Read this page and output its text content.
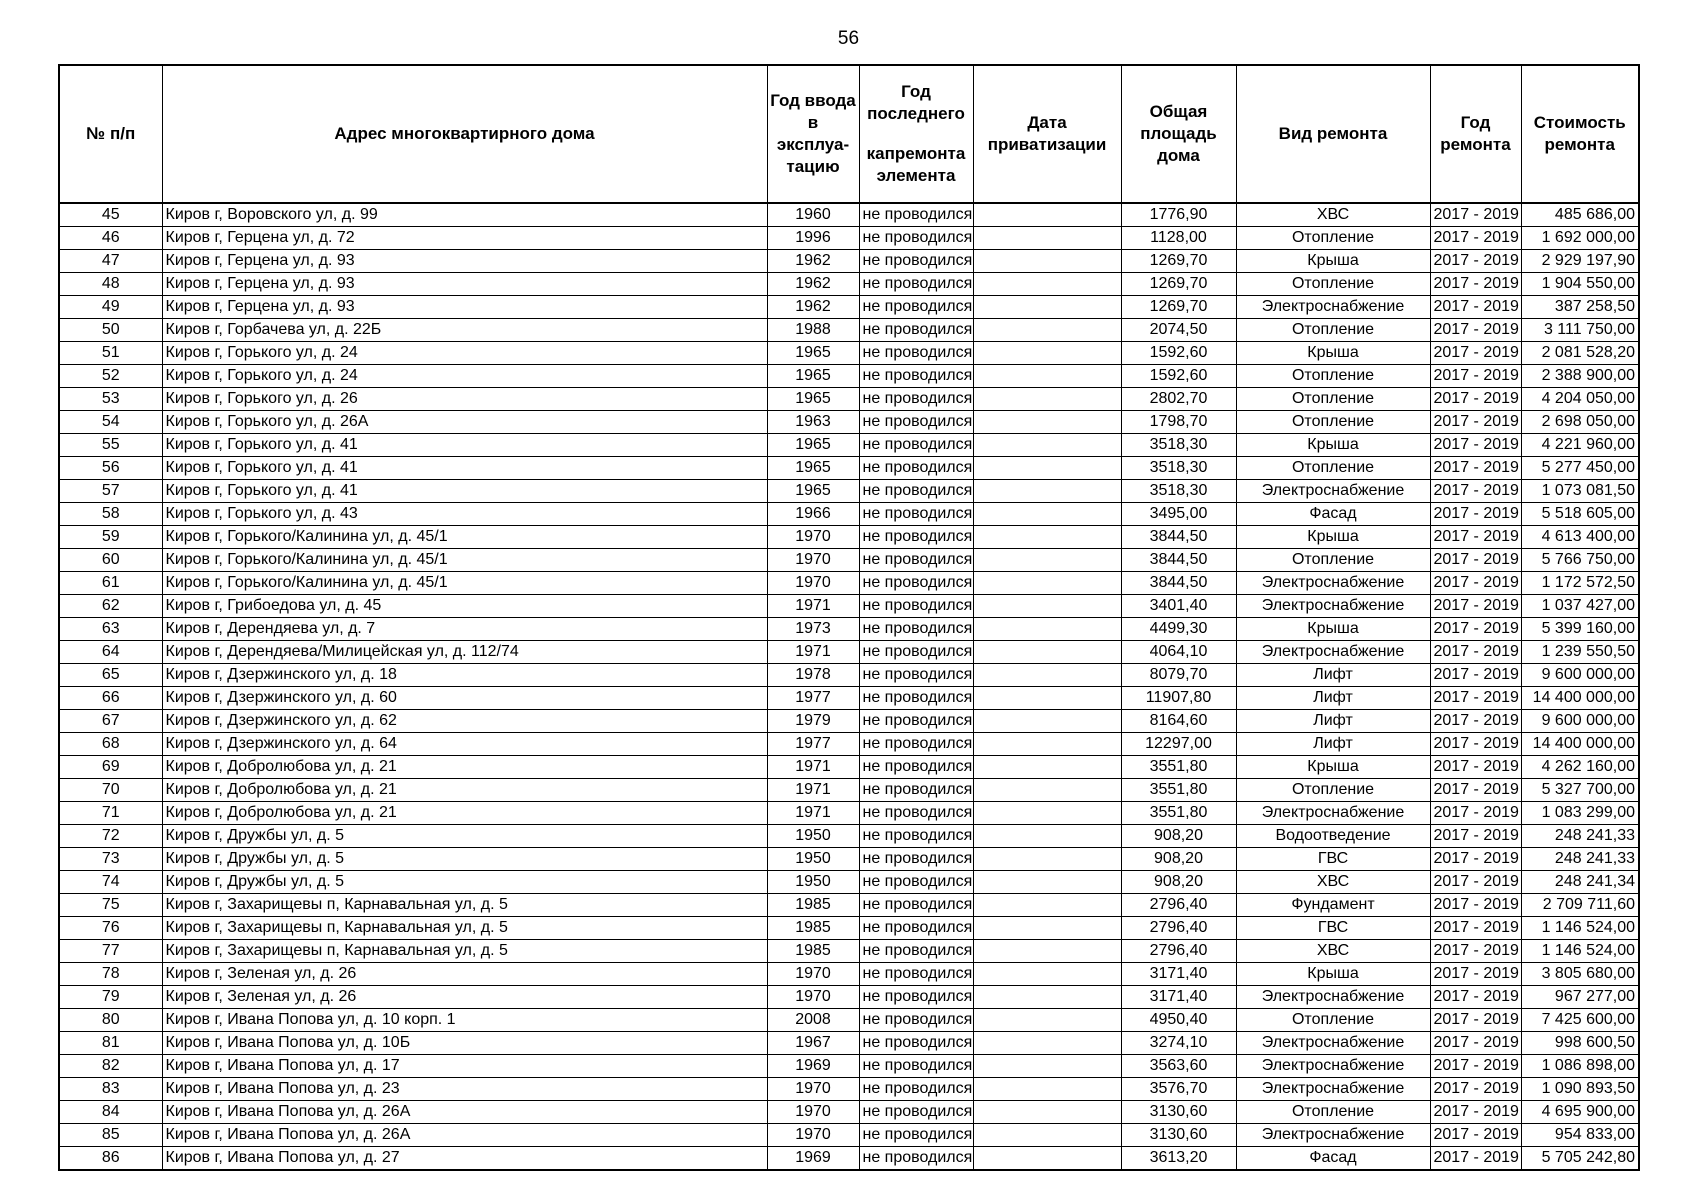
56
№ п/п	Адрес многоквартирного дома	Год ввода в эксплуа-тацию	Год последнего
капремонта элемента	Дата приватизации	Общая площадь дома	Вид ремонта	Год ремонта	Стоимость ремонта
45	Киров г, Воровского ул, д. 99	1960	не проводился		1776,90	ХВС	2017 - 2019	485 686,00
46	Киров г, Герцена ул, д. 72	1996	не проводился		1128,00	Отопление	2017 - 2019	1 692 000,00
47	Киров г, Герцена ул, д. 93	1962	не проводился		1269,70	Крыша	2017 - 2019	2 929 197,90
48	Киров г, Герцена ул, д. 93	1962	не проводился		1269,70	Отопление	2017 - 2019	1 904 550,00
49	Киров г, Герцена ул, д. 93	1962	не проводился		1269,70	Электроснабжение	2017 - 2019	387 258,50
50	Киров г, Горбачева ул, д. 22Б	1988	не проводился		2074,50	Отопление	2017 - 2019	3 111 750,00
51	Киров г, Горького ул, д. 24	1965	не проводился		1592,60	Крыша	2017 - 2019	2 081 528,20
52	Киров г, Горького ул, д. 24	1965	не проводился		1592,60	Отопление	2017 - 2019	2 388 900,00
53	Киров г, Горького ул, д. 26	1965	не проводился		2802,70	Отопление	2017 - 2019	4 204 050,00
54	Киров г, Горького ул, д. 26А	1963	не проводился		1798,70	Отопление	2017 - 2019	2 698 050,00
55	Киров г, Горького ул, д. 41	1965	не проводился		3518,30	Крыша	2017 - 2019	4 221 960,00
56	Киров г, Горького ул, д. 41	1965	не проводился		3518,30	Отопление	2017 - 2019	5 277 450,00
57	Киров г, Горького ул, д. 41	1965	не проводился		3518,30	Электроснабжение	2017 - 2019	1 073 081,50
58	Киров г, Горького ул, д. 43	1966	не проводился		3495,00	Фасад	2017 - 2019	5 518 605,00
59	Киров г, Горького/Калинина ул, д. 45/1	1970	не проводился		3844,50	Крыша	2017 - 2019	4 613 400,00
60	Киров г, Горького/Калинина ул, д. 45/1	1970	не проводился		3844,50	Отопление	2017 - 2019	5 766 750,00
61	Киров г, Горького/Калинина ул, д. 45/1	1970	не проводился		3844,50	Электроснабжение	2017 - 2019	1 172 572,50
62	Киров г, Грибоедова ул, д. 45	1971	не проводился		3401,40	Электроснабжение	2017 - 2019	1 037 427,00
63	Киров г, Дерендяева ул, д. 7	1973	не проводился		4499,30	Крыша	2017 - 2019	5 399 160,00
64	Киров г, Дерендяева/Милицейская ул, д. 112/74	1971	не проводился		4064,10	Электроснабжение	2017 - 2019	1 239 550,50
65	Киров г, Дзержинского ул, д. 18	1978	не проводился		8079,70	Лифт	2017 - 2019	9 600 000,00
66	Киров г, Дзержинского ул, д. 60	1977	не проводился		11907,80	Лифт	2017 - 2019	14 400 000,00
67	Киров г, Дзержинского ул, д. 62	1979	не проводился		8164,60	Лифт	2017 - 2019	9 600 000,00
68	Киров г, Дзержинского ул, д. 64	1977	не проводился		12297,00	Лифт	2017 - 2019	14 400 000,00
69	Киров г, Добролюбова ул, д. 21	1971	не проводился		3551,80	Крыша	2017 - 2019	4 262 160,00
70	Киров г, Добролюбова ул, д. 21	1971	не проводился		3551,80	Отопление	2017 - 2019	5 327 700,00
71	Киров г, Добролюбова ул, д. 21	1971	не проводился		3551,80	Электроснабжение	2017 - 2019	1 083 299,00
72	Киров г, Дружбы ул, д. 5	1950	не проводился		908,20	Водоотведение	2017 - 2019	248 241,33
73	Киров г, Дружбы ул, д. 5	1950	не проводился		908,20	ГВС	2017 - 2019	248 241,33
74	Киров г, Дружбы ул, д. 5	1950	не проводился		908,20	ХВС	2017 - 2019	248 241,34
75	Киров г, Захарищевы п, Карнавальная ул, д. 5	1985	не проводился		2796,40	Фундамент	2017 - 2019	2 709 711,60
76	Киров г, Захарищевы п, Карнавальная ул, д. 5	1985	не проводился		2796,40	ГВС	2017 - 2019	1 146 524,00
77	Киров г, Захарищевы п, Карнавальная ул, д. 5	1985	не проводился		2796,40	ХВС	2017 - 2019	1 146 524,00
78	Киров г, Зеленая ул, д. 26	1970	не проводился		3171,40	Крыша	2017 - 2019	3 805 680,00
79	Киров г, Зеленая ул, д. 26	1970	не проводился		3171,40	Электроснабжение	2017 - 2019	967 277,00
80	Киров г, Ивана Попова ул, д. 10 корп. 1	2008	не проводился		4950,40	Отопление	2017 - 2019	7 425 600,00
81	Киров г, Ивана Попова ул, д. 10Б	1967	не проводился		3274,10	Электроснабжение	2017 - 2019	998 600,50
82	Киров г, Ивана Попова ул, д. 17	1969	не проводился		3563,60	Электроснабжение	2017 - 2019	1 086 898,00
83	Киров г, Ивана Попова ул, д. 23	1970	не проводился		3576,70	Электроснабжение	2017 - 2019	1 090 893,50
84	Киров г, Ивана Попова ул, д. 26А	1970	не проводился		3130,60	Отопление	2017 - 2019	4 695 900,00
85	Киров г, Ивана Попова ул, д. 26А	1970	не проводился		3130,60	Электроснабжение	2017 - 2019	954 833,00
86	Киров г, Ивана Попова ул, д. 27	1969	не проводился		3613,20	Фасад	2017 - 2019	5 705 242,80
